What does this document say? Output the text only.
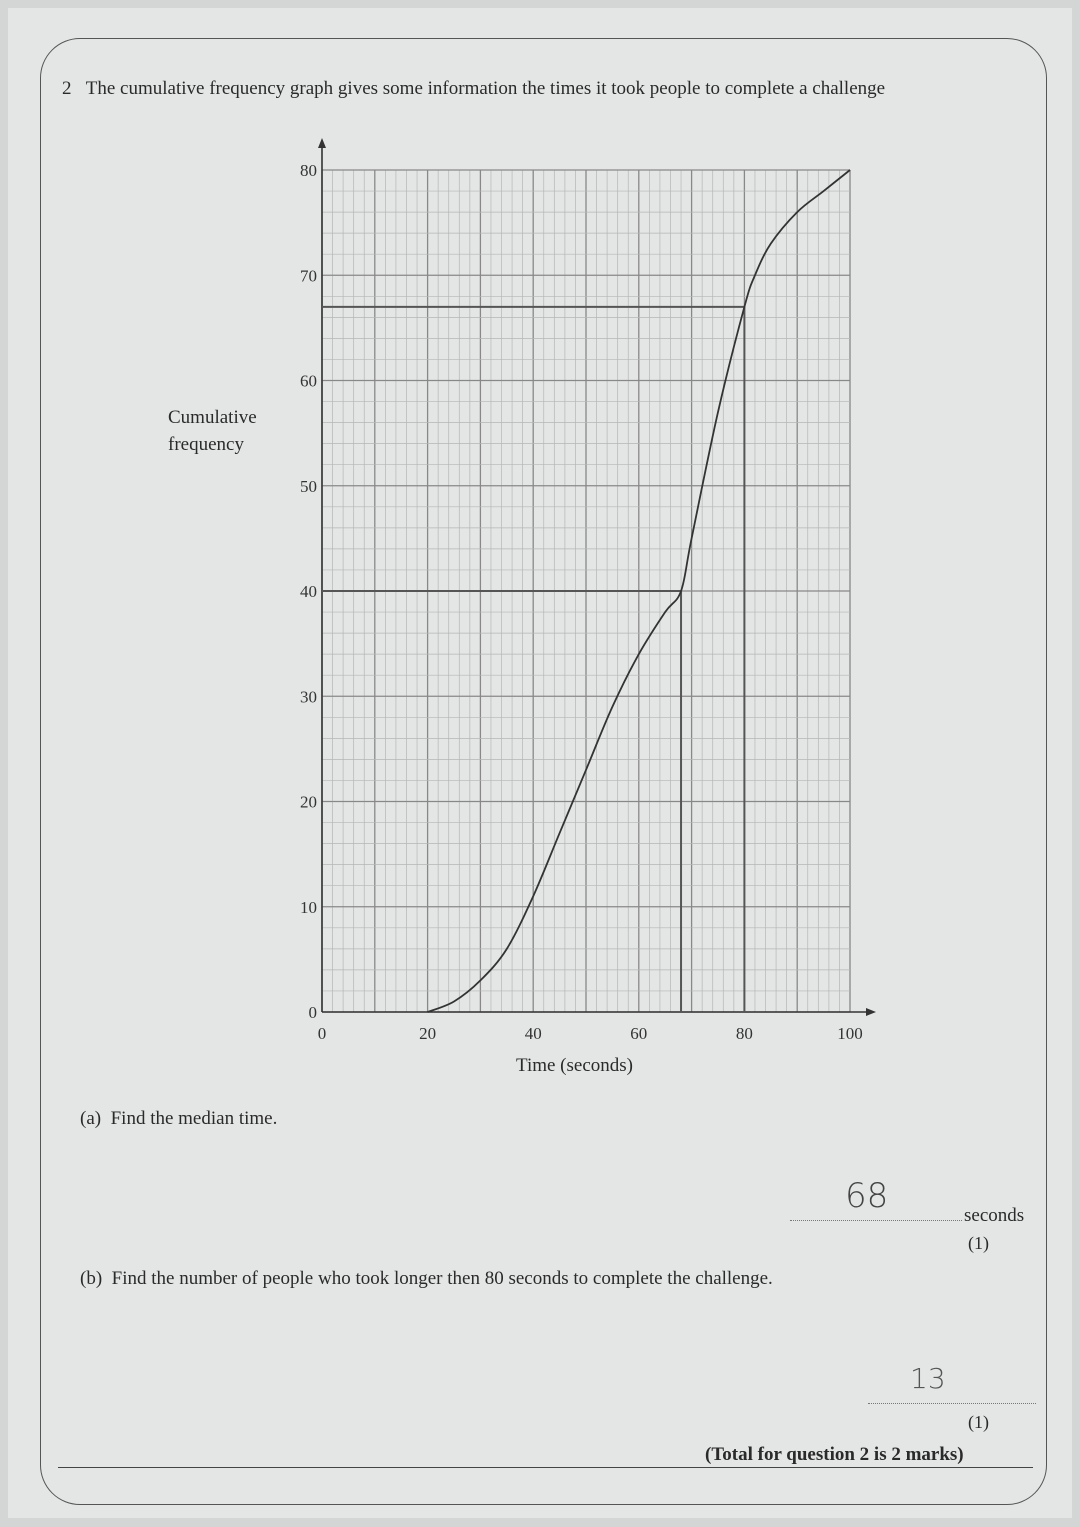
2 The cumulative frequency graph gives some information the times it took people to complete a challenge
Cumulative frequency
Time (seconds)
0
10
20
30
40
50
60
70
80
0	20	40	60	80	100
(a) Find the median time.
68	seconds
(1)
(b) Find the number of people who took longer then 80 seconds to complete the challenge.
13
(1)
(Total for question 2 is 2 marks)
